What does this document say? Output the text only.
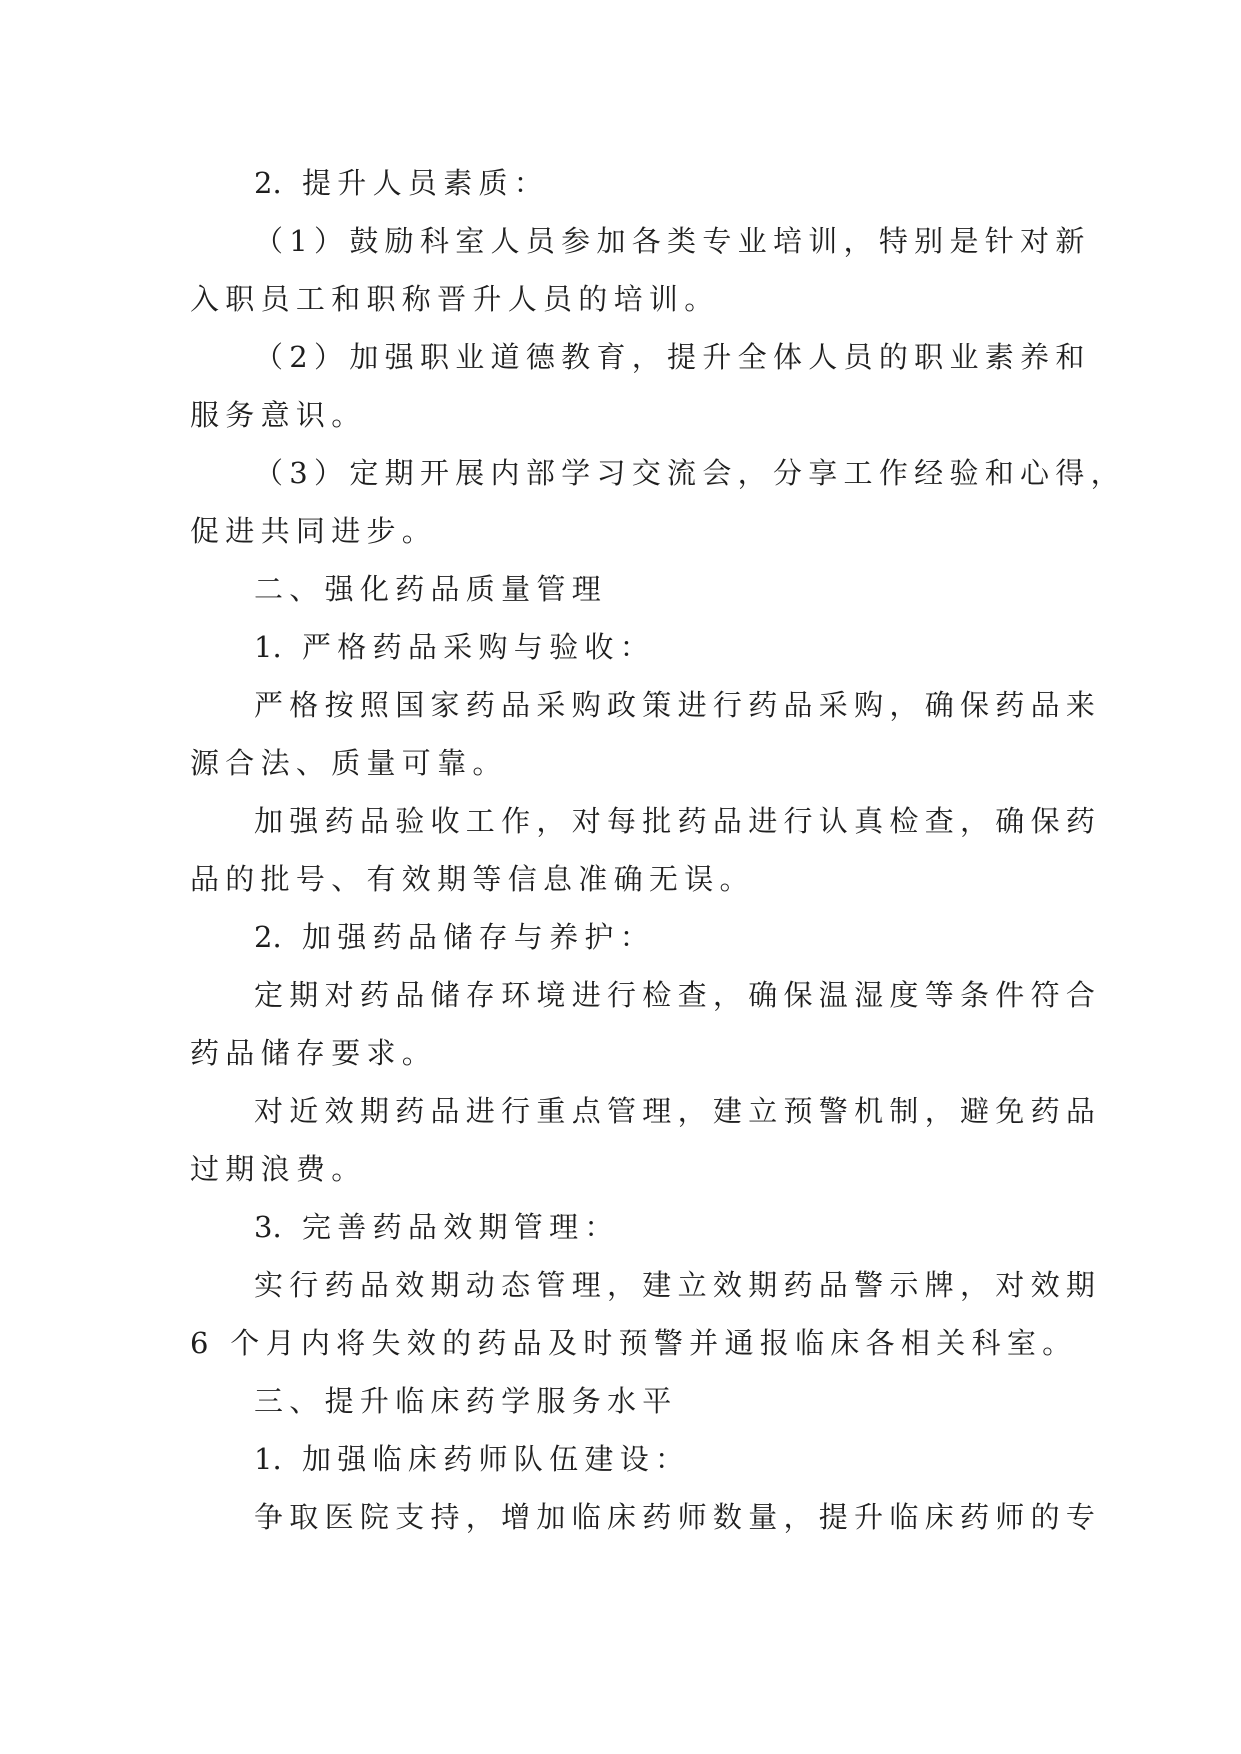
2. 提升人员素质：
（1）鼓励科室人员参加各类专业培训，特别是针对新
入职员工和职称晋升人员的培训。
（2）加强职业道德教育，提升全体人员的职业素养和
服务意识。
（3）定期开展内部学习交流会，分享工作经验和心得，
促进共同进步。
二、强化药品质量管理
1. 严格药品采购与验收：
严格按照国家药品采购政策进行药品采购，确保药品来
源合法、质量可靠。
加强药品验收工作，对每批药品进行认真检查，确保药
品的批号、有效期等信息准确无误。
2. 加强药品储存与养护：
定期对药品储存环境进行检查，确保温湿度等条件符合
药品储存要求。
对近效期药品进行重点管理，建立预警机制，避免药品
过期浪费。
3. 完善药品效期管理：
实行药品效期动态管理，建立效期药品警示牌，对效期
6 个月内将失效的药品及时预警并通报临床各相关科室。
三、提升临床药学服务水平
1. 加强临床药师队伍建设：
争取医院支持，增加临床药师数量，提升临床药师的专
